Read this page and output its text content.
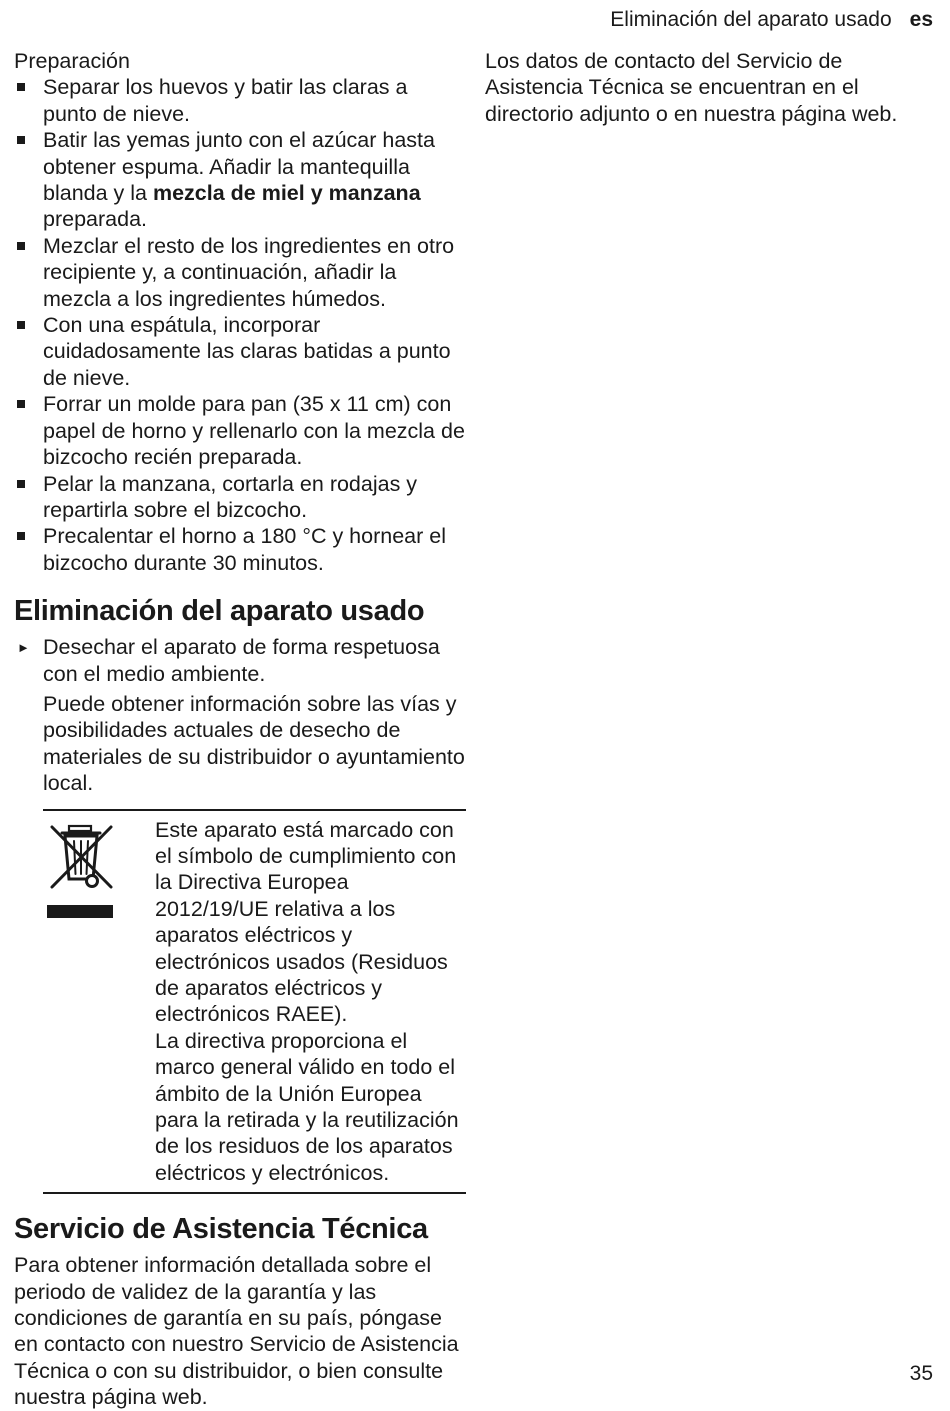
Eliminación del aparato usado es

Preparación

Separar los huevos y batir las claras a punto de nieve.
Batir las yemas junto con el azúcar hasta obtener espuma. Añadir la mantequilla blanda y la mezcla de miel y manzana preparada.
Mezclar el resto de los ingredientes en otro recipiente y, a continuación, añadir la mezcla a los ingredientes húmedos.
Con una espátula, incorporar cuidadosamente las claras batidas a punto de nieve.
Forrar un molde para pan (35 x 11 cm) con papel de horno y rellenarlo con la mezcla de bizcocho recién preparada.
Pelar la manzana, cortarla en rodajas y repartirla sobre el bizcocho.
Precalentar el horno a 180 °C y hornear el bizcocho durante 30 minutos.
Eliminación del aparato usado

► Desechar el aparato de forma respetuosa con el medio ambiente.

Puede obtener información sobre las vías y posibilidades actuales de desecho de materiales de su distribuidor o ayuntamiento local.

Este aparato está marcado con el símbolo de cumplimiento con la Directiva Europea 2012/19/UE relativa a los aparatos eléctricos y electrónicos usados (Residuos de aparatos eléctricos y electrónicos RAEE).

La directiva proporciona el marco general válido en todo el ámbito de la Unión Europea para la retirada y la reutilización de los residuos de los aparatos eléctricos y electrónicos.

Servicio de Asistencia Técnica

Para obtener información detallada sobre el periodo de validez de la garantía y las condiciones de garantía en su país, póngase en contacto con nuestro Servicio de Asistencia Técnica o con su distribuidor, o bien consulte nuestra página web.

Los datos de contacto del Servicio de Asistencia Técnica se encuentran en el directorio adjunto o en nuestra página web.

35
